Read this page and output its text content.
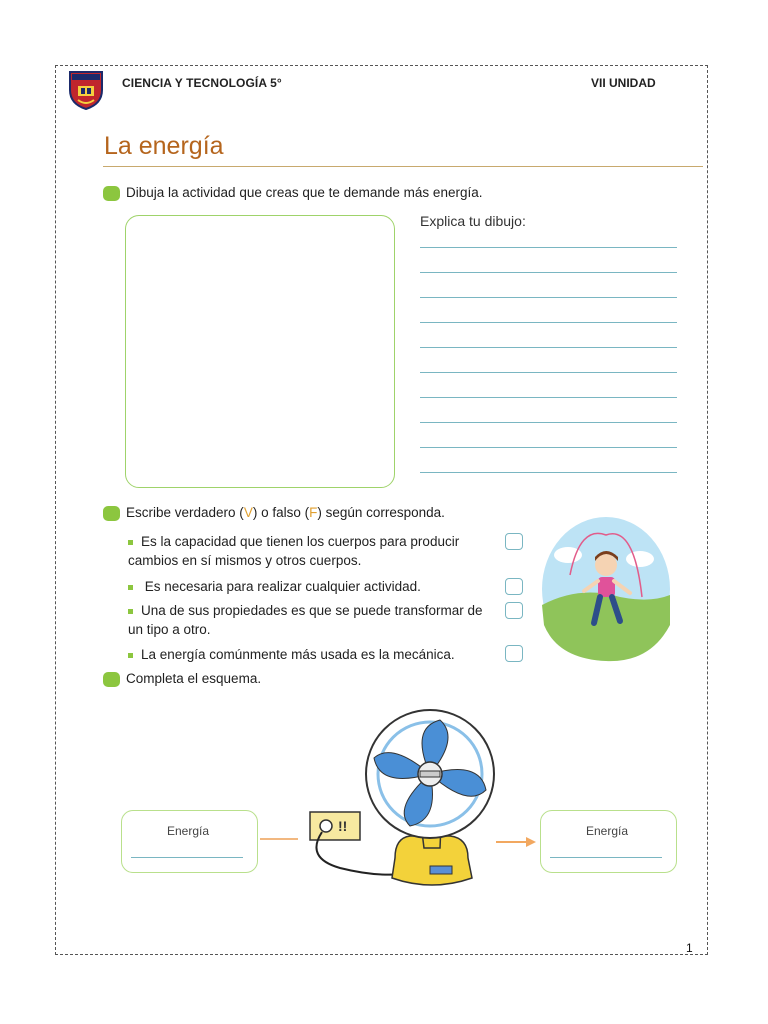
CIENCIA Y TECNOLOGÍA 5°	VII UNIDAD
La energía
Dibuja la actividad que creas que te demande más energía.
Explica tu dibujo:
Escribe verdadero (V) o falso (F) según corresponda.
Es la capacidad que tienen los cuerpos para producir cambios en sí mismos y otros cuerpos.
Es necesaria para realizar cualquier actividad.
Una de sus propiedades es que se puede transformar de un tipo a otro.
La energía comúnmente más usada es la mecánica.
Completa el esquema.
Energía	Energía
!!
1
